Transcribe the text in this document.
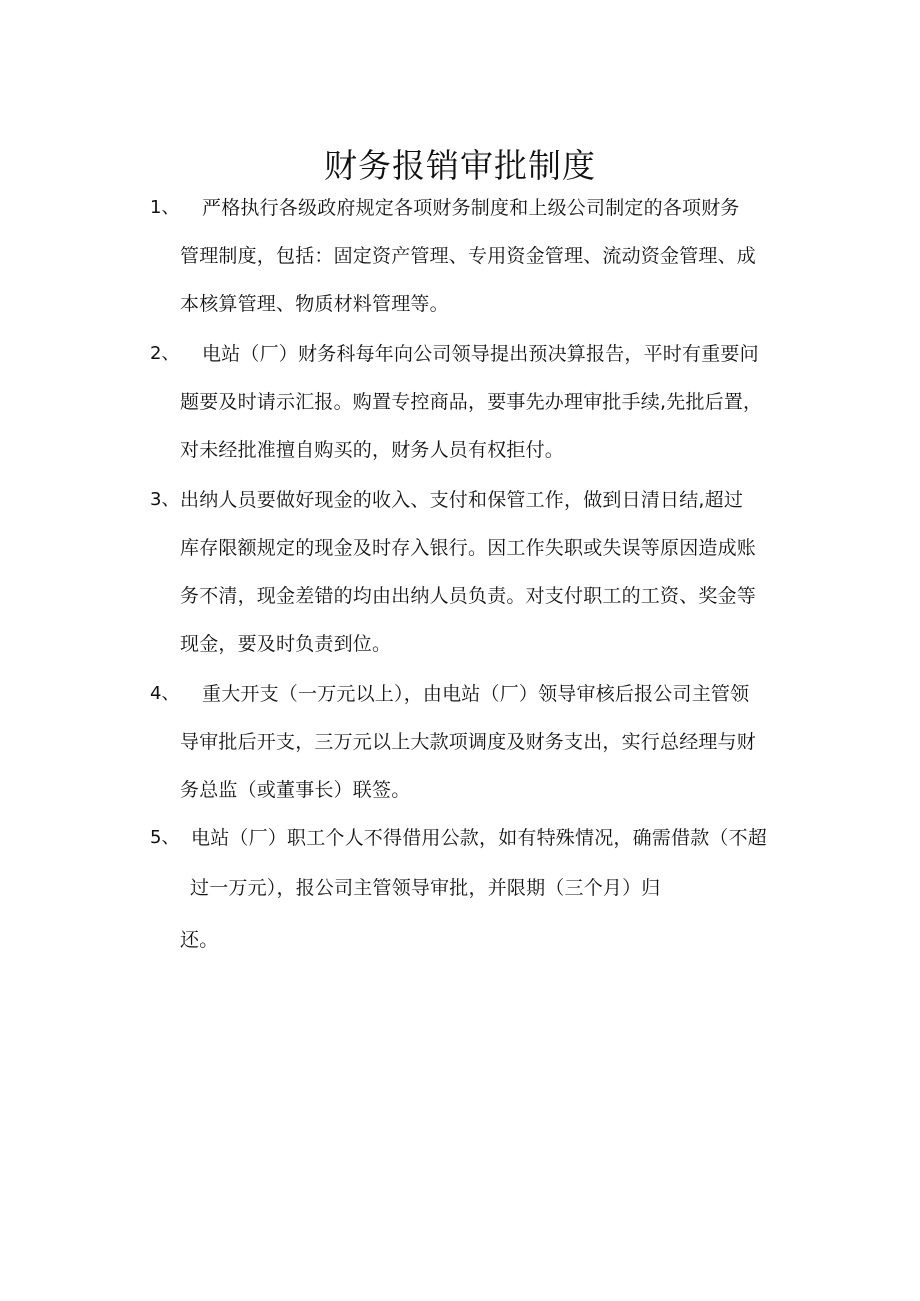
财务报销审批制度
1、 严格执行各级政府规定各项财务制度和上级公司制定的各项财务
管理制度，包括：固定资产管理、专用资金管理、流动资金管理、成
本核算管理、物质材料管理等。
2、 电站（厂）财务科每年向公司领导提出预决算报告，平时有重要问
题要及时请示汇报。购置专控商品，要事先办理审批手续,先批后置，
对未经批准擅自购买的，财务人员有权拒付。
3、 出纳人员要做好现金的收入、支付和保管工作，做到日清日结,超过
库存限额规定的现金及时存入银行。因工作失职或失误等原因造成账
务不清，现金差错的均由出纳人员负责。对支付职工的工资、奖金等
现金，要及时负责到位。
4、 重大开支（一万元以上），由电站（厂）领导审核后报公司主管领
导审批后开支，三万元以上大款项调度及财务支出，实行总经理与财
务总监（或董事长）联签。
5、 电站（厂）职工个人不得借用公款，如有特殊情况，确需借款（不超
过一万元），报公司主管领导审批，并限期（三个月）归
还。
